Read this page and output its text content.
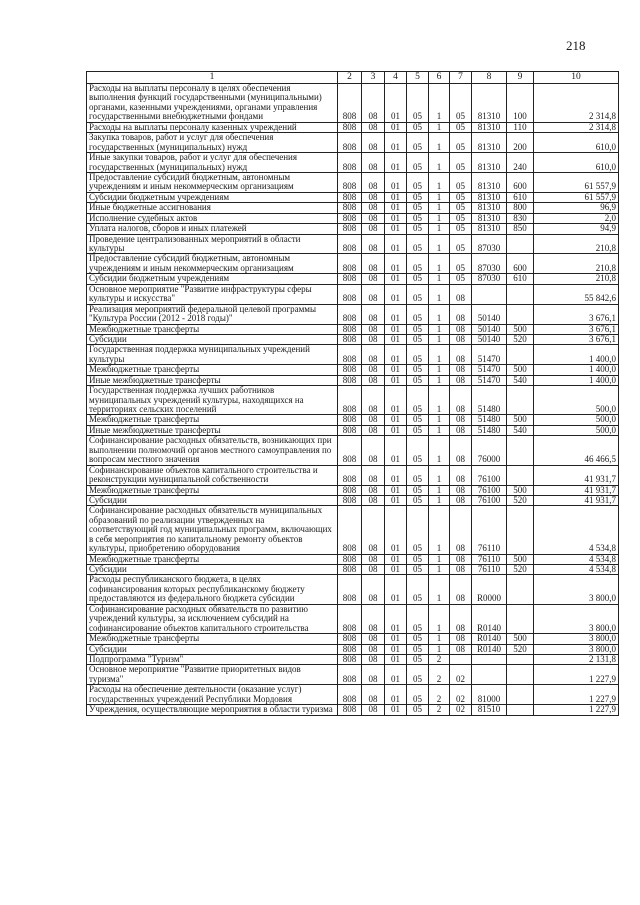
218
1	2	3	4	5	6	7	8	9	10
Расходы на выплаты персоналу в целях обеспечения выполнения функций государственными (муниципальными) органами, казенными учреждениями, органами управления государственными внебюджетными фондами	808	08	01	05	1	05	81310	100	2 314,8
Расходы на выплаты персоналу казенных учреждений	808	08	01	05	1	05	81310	110	2 314,8
Закупка товаров, работ и услуг для обеспечения государственных (муниципальных) нужд	808	08	01	05	1	05	81310	200	610,0
Иные закупки товаров, работ и услуг для обеспечения государственных (муниципальных) нужд	808	08	01	05	1	05	81310	240	610,0
Предоставление субсидий бюджетным, автономным учреждениям и иным некоммерческим организациям	808	08	01	05	1	05	81310	600	61 557,9
Субсидии бюджетным учреждениям	808	08	01	05	1	05	81310	610	61 557,9
Иные бюджетные ассигнования	808	08	01	05	1	05	81310	800	96,9
Исполнение судебных актов	808	08	01	05	1	05	81310	830	2,0
Уплата налогов, сборов и иных платежей	808	08	01	05	1	05	81310	850	94,9
Проведение централизованных мероприятий в области культуры	808	08	01	05	1	05	87030		210,8
Предоставление субсидий бюджетным, автономным учреждениям и иным некоммерческим организациям	808	08	01	05	1	05	87030	600	210,8
Субсидии бюджетным учреждениям	808	08	01	05	1	05	87030	610	210,8
Основное мероприятие "Развитие инфраструктуры сферы культуры и искусства"	808	08	01	05	1	08			55 842,6
Реализация мероприятий федеральной целевой программы "Культура России (2012 - 2018 годы)"	808	08	01	05	1	08	50140		3 676,1
Межбюджетные трансферты	808	08	01	05	1	08	50140	500	3 676,1
Субсидии	808	08	01	05	1	08	50140	520	3 676,1
Государственная поддержка муниципальных учреждений культуры	808	08	01	05	1	08	51470		1 400,0
Межбюджетные трансферты	808	08	01	05	1	08	51470	500	1 400,0
Иные межбюджетные трансферты	808	08	01	05	1	08	51470	540	1 400,0
Государственная поддержка лучших работников муниципальных учреждений культуры, находящихся на территориях сельских поселений	808	08	01	05	1	08	51480		500,0
Межбюджетные трансферты	808	08	01	05	1	08	51480	500	500,0
Иные межбюджетные трансферты	808	08	01	05	1	08	51480	540	500,0
Софинансирование расходных обязательств, возникающих при выполнении полномочий органов местного самоуправления по вопросам местного значения	808	08	01	05	1	08	76000		46 466,5
Софинансирование объектов капитального строительства и реконструкции муниципальной собственности	808	08	01	05	1	08	76100		41 931,7
Межбюджетные трансферты	808	08	01	05	1	08	76100	500	41 931,7
Субсидии	808	08	01	05	1	08	76100	520	41 931,7
Софинансирование расходных обязательств муниципальных образований по реализации утвержденных на соответствующий год муниципальных программ, включающих в себя мероприятия по капитальному ремонту объектов культуры, приобретению оборудования	808	08	01	05	1	08	76110		4 534,8
Межбюджетные трансферты	808	08	01	05	1	08	76110	500	4 534,8
Субсидии	808	08	01	05	1	08	76110	520	4 534,8
Расходы республиканского бюджета, в целях софинансирования которых республиканскому бюджету предоставляются из федерального бюджета субсидии	808	08	01	05	1	08	R0000		3 800,0
Софинансирование расходных обязательств по развитию учреждений культуры, за исключением субсидий на софинансирование объектов капитального строительства	808	08	01	05	1	08	R0140		3 800,0
Межбюджетные трансферты	808	08	01	05	1	08	R0140	500	3 800,0
Субсидии	808	08	01	05	1	08	R0140	520	3 800,0
Подпрограмма "Туризм"	808	08	01	05	2				2 131,8
Основное мероприятие "Развитие приоритетных видов туризма"	808	08	01	05	2	02			1 227,9
Расходы на обеспечение деятельности (оказание услуг) государственных учреждений Республики Мордовия	808	08	01	05	2	02	81000		1 227,9
Учреждения, осуществляющие мероприятия в области туризма	808	08	01	05	2	02	81510		1 227,9
